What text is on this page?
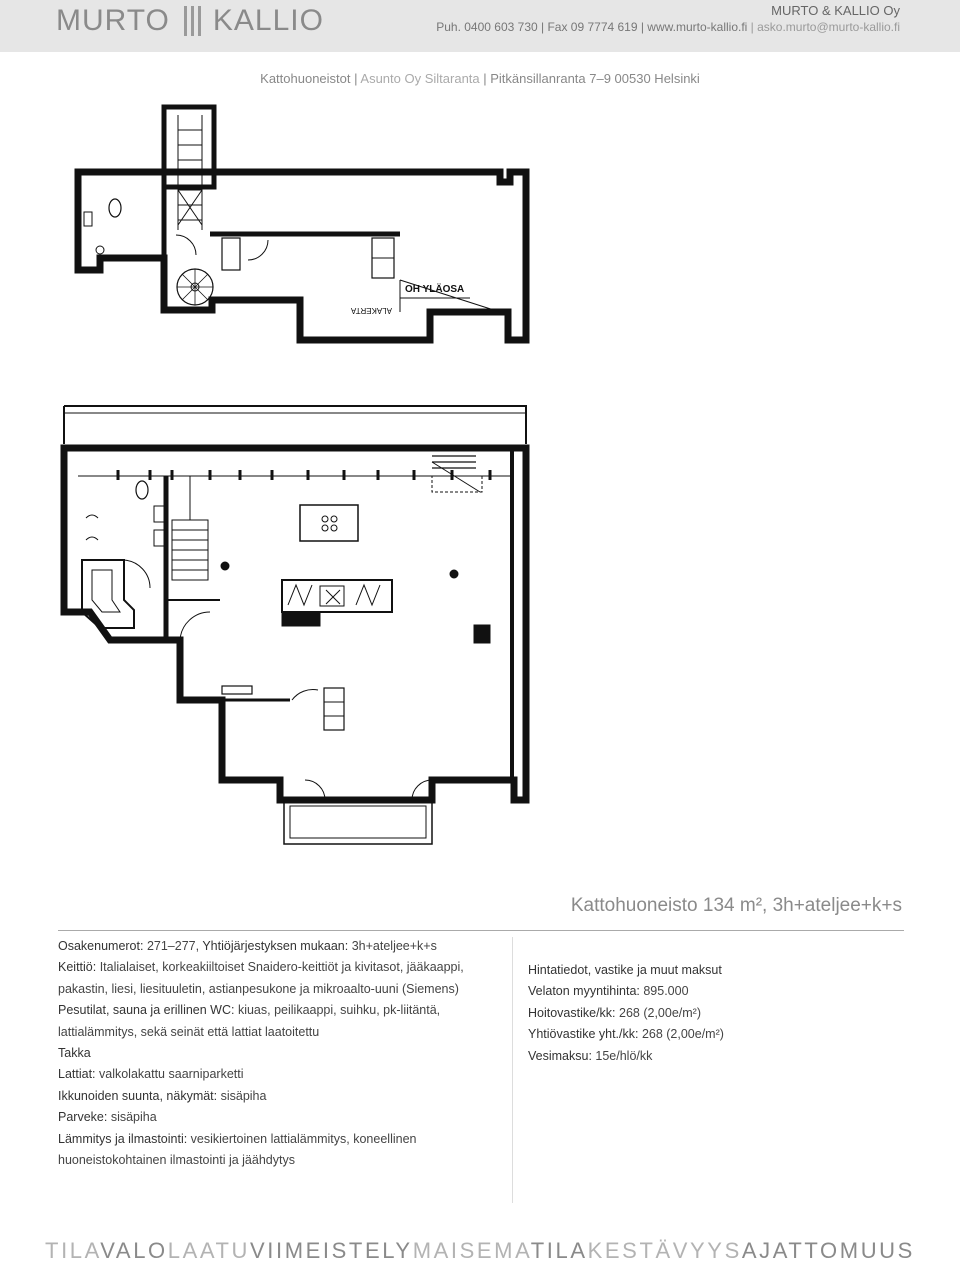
MURTO KALLIO	MURTO & KALLIO Oy
Puh. 0400 603 730 | Fax 09 7774 619 | www.murto-kallio.fi | asko.murto@murto-kallio.fi
Kattohuoneistot | Asunto Oy Siltaranta | Pitkänsillanranta 7–9 00530 Helsinki
OH YLÄOSA
ALAKERTA
Kattohuoneisto 134 m², 3h+ateljee+k+s
Osakenumerot: 271–277, Yhtiöjärjestyksen mukaan: 3h+ateljee+k+s
Keittiö: Italialaiset, korkeakiiltoiset Snaidero-keittiöt ja kivitasot, jääkaappi, pakastin, liesi, liesituuletin, astianpesukone ja mikroaalto-uuni (Siemens)
Pesutilat, sauna ja erillinen WC: kiuas, peilikaappi, suihku, pk-liitäntä, lattialämmitys, sekä seinät että lattiat laatoitettu
Takka
Lattiat: valkolakattu saarniparketti
Ikkunoiden suunta, näkymät: sisäpiha
Parveke: sisäpiha
Lämmitys ja ilmastointi: vesikiertoinen lattialämmitys, koneellinen huoneistokohtainen ilmastointi ja jäähdytys
Hintatiedot, vastike ja muut maksut
Velaton myyntihinta: 895.000
Hoitovastike/kk: 268 (2,00e/m²)
Yhtiövastike yht./kk: 268 (2,00e/m²)
Vesimaksu: 15e/hlö/kk
TILAVALOLAATUVIIMEISTELYMAISEMATILAKESTÄVYYSAJATTOMUUS
